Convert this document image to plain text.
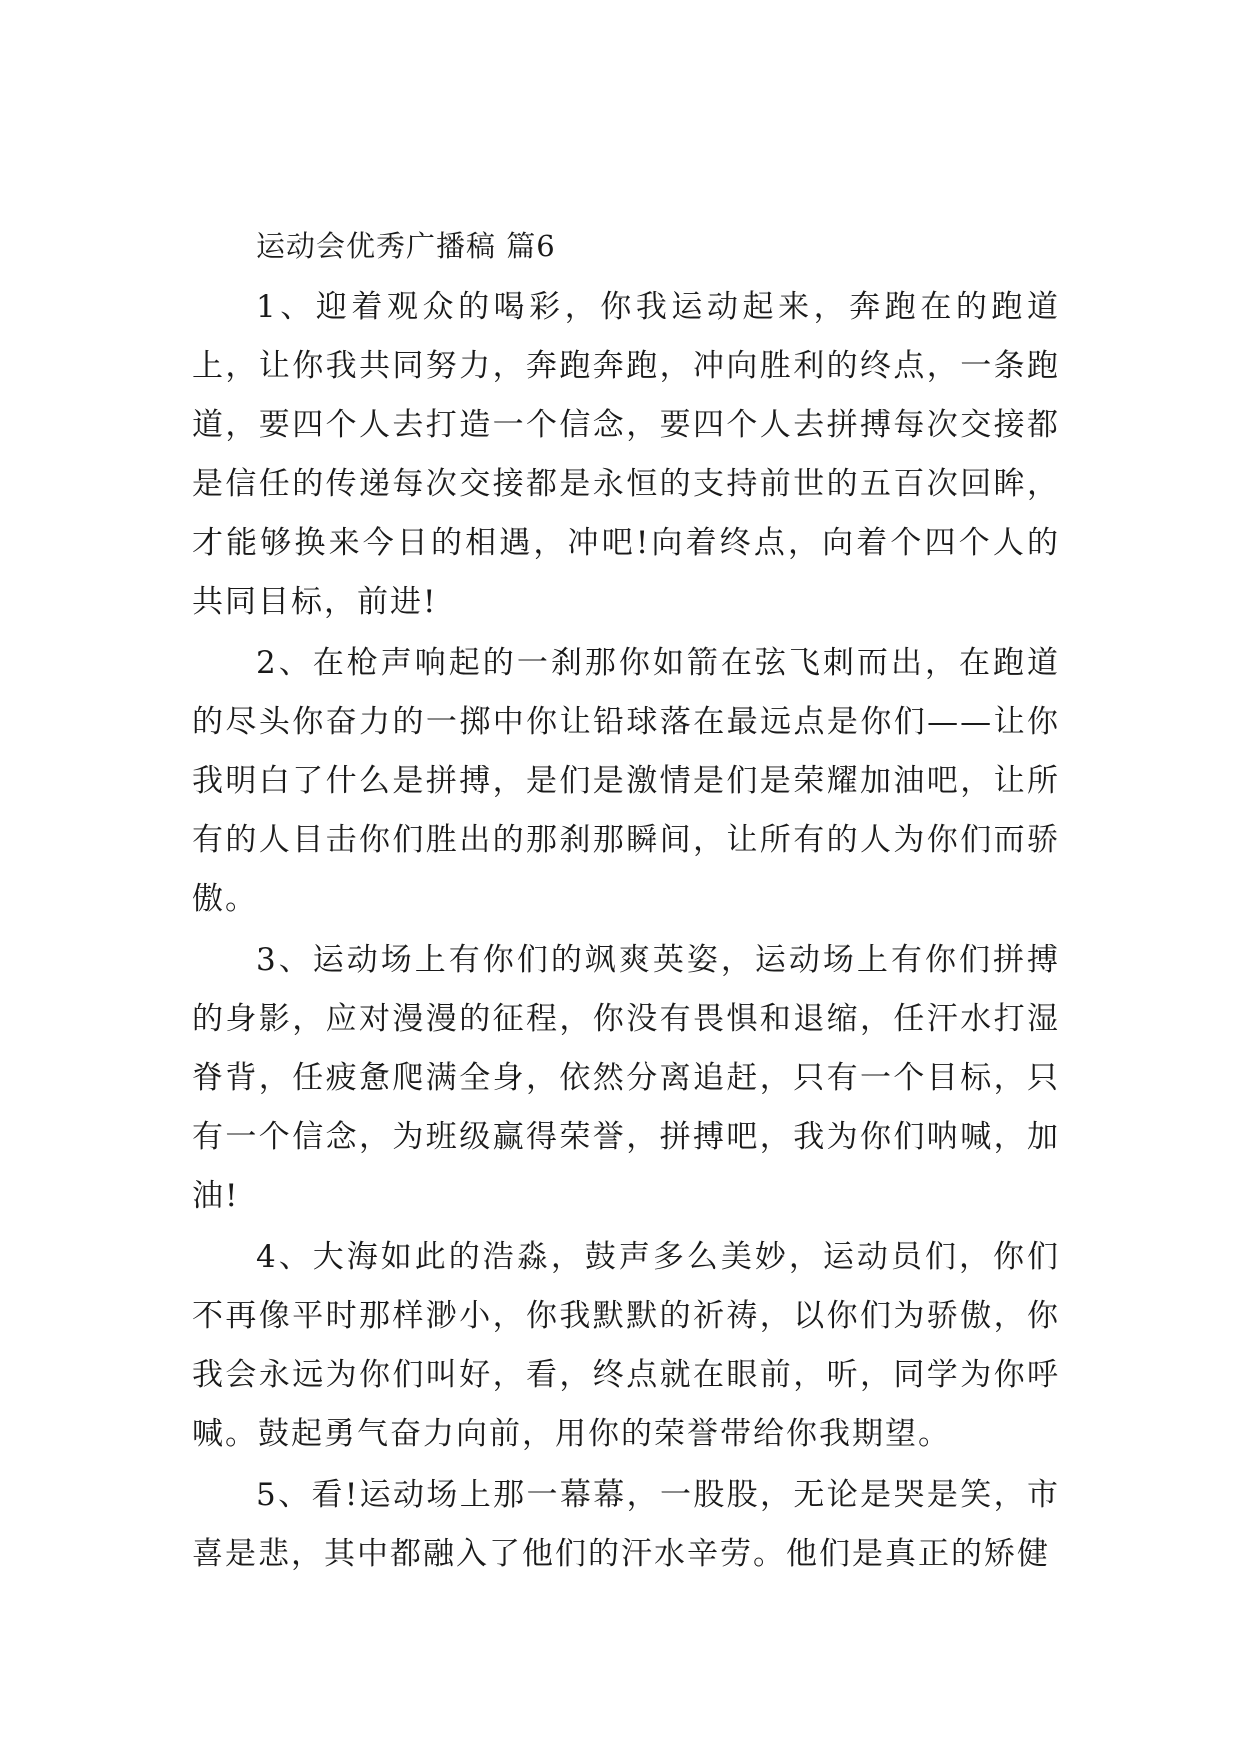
运动会优秀广播稿 篇6

1、迎着观众的喝彩，你我运动起来，奔跑在的跑道上，让你我共同努力，奔跑奔跑，冲向胜利的终点，一条跑道，要四个人去打造一个信念，要四个人去拼搏每次交接都是信任的传递每次交接都是永恒的支持前世的五百次回眸，才能够换来今日的相遇，冲吧!向着终点，向着个四个人的共同目标，前进!

2、在枪声响起的一刹那你如箭在弦飞刺而出，在跑道的尽头你奋力的一掷中你让铅球落在最远点是你们——让你我明白了什么是拼搏，是们是激情是们是荣耀加油吧，让所有的人目击你们胜出的那刹那瞬间，让所有的人为你们而骄傲。

3、运动场上有你们的飒爽英姿，运动场上有你们拼搏的身影，应对漫漫的征程，你没有畏惧和退缩，任汗水打湿脊背，任疲惫爬满全身，依然分离追赶，只有一个目标，只有一个信念，为班级赢得荣誉，拼搏吧，我为你们呐喊，加油!

4、大海如此的浩淼，鼓声多么美妙，运动员们，你们不再像平时那样渺小，你我默默的祈祷，以你们为骄傲，你我会永远为你们叫好，看，终点就在眼前，听，同学为你呼喊。鼓起勇气奋力向前，用你的荣誉带给你我期望。

5、看!运动场上那一幕幕，一股股，无论是哭是笑，市喜是悲，其中都融入了他们的汗水辛劳。他们是真正的矫健
